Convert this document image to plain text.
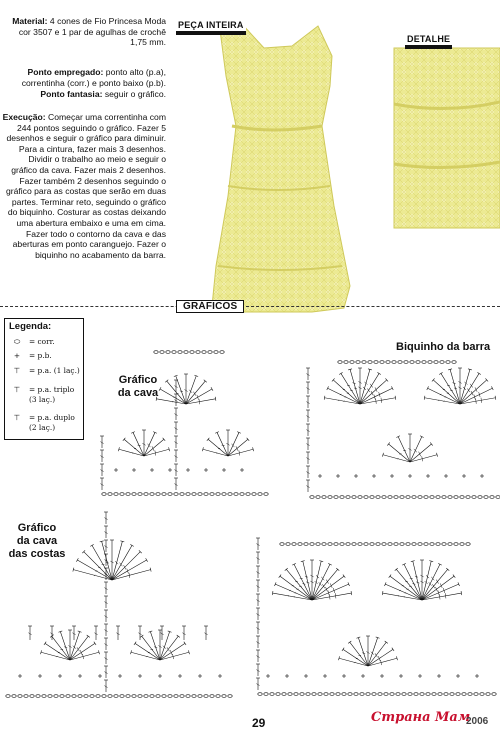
Material: 4 cones de Fio Princesa Moda cor 3507 e 1 par de agulhas de crochê 1,75 mm.
Ponto empregado: ponto alto (p.a), correntinha (corr.) e ponto baixo (p.b).
Ponto fantasia: seguir o gráfico.
Execução: Começar uma correntinha com 244 pontos seguindo o gráfico. Fazer 5 desenhos e seguir o gráfico para diminuir. Para a cintura, fazer mais 3 desenhos. Dividir o trabalho ao meio e seguir o gráfico da cava. Fazer mais 2 desenhos. Fazer também 2 desenhos seguindo o gráfico para as costas que serão em duas partes. Terminar reto, seguindo o gráfico do biquinho. Costurar as costas deixando uma abertura embaixo e uma em cima. Fazer todo o contorno da cava e das aberturas em ponto caranguejo. Fazer o biquinho no acabamento da barra.
PEÇA INTEIRA
DETALHE
GRÁFICOS
Legenda:
⬭	= corr.
+	= p.b.
⊤	= p.a. (1 laç.)
⊤	= p.a. triplo
(3 laç.)
⊤	= p.a. duplo
(2 laç.)
Gráfico
da cava
Biquinho da barra
Gráfico
da cava
das costas
29	Страна Мам
2006
